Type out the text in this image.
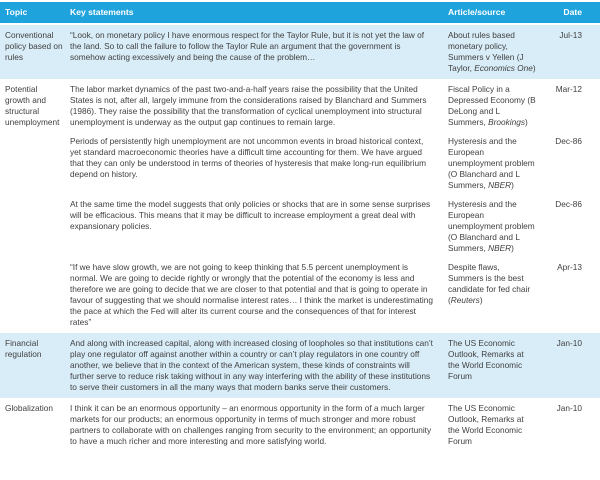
Topic	Key statements	Article/source	Date
Conventional policy based on rules	“Look, on monetary policy I have enormous respect for the Taylor Rule, but it is not yet the law of the land. So to call the failure to follow the Taylor Rule an argument that the government is somehow acting excessively and being the cause of the problem…	About rules based monetary policy, Summers v Yellen (J Taylor, Economics One)	Jul-13
Potential growth and structural unemployment	The labor market dynamics of the past two-and-a-half years raise the possibility that the United States is not, after all, largely immune from the considerations raised by Blanchard and Summers (1986). They raise the possibility that the transformation of cyclical unemployment into structural unemployment is underway as the output gap continues to remain large.	Fiscal Policy in a Depressed Economy (B DeLong and L Summers, Brookings)	Mar-12
	Periods of persistently high unemployment are not uncommon events in broad historical context, yet standard macroeconomic theories have a difficult time accounting for them. We have argued that they can only be understood in terms of theories of hysteresis that make long-run equilibrium depend on history.	Hysteresis and the European unemployment problem (O Blanchard and L Summers, NBER)	Dec-86
	At the same time the model suggests that only policies or shocks that are in some sense surprises will be efficacious. This means that it may be difficult to increase employment a great deal with expansionary policies.	Hysteresis and the European unemployment problem (O Blanchard and L Summers, NBER)	Dec-86
	“If we have slow growth, we are not going to keep thinking that 5.5 percent unemployment is normal. We are going to decide rightly or wrongly that the potential of the economy is less and therefore we are going to decide that we are closer to that potential and that is going to operate in favour of suggesting that we should normalise interest rates… I think the market is underestimating the pace at which the Fed will alter its current course and the consequences of that for interest rates”	Despite flaws, Summers is the best candidate for fed chair (Reuters)	Apr-13
Financial regulation	And along with increased capital, along with increased closing of loopholes so that institutions can’t play one regulator off against another within a country or can’t play regulators in one country off another, we believe that in the context of the American system, these kinds of constraints will further serve to reduce risk taking without in any way interfering with the ability of these institutions to serve their customers in all the many ways that modern banks serve their customers.	The US Economic Outlook, Remarks at the World Economic Forum	Jan-10
Globalization	I think it can be an enormous opportunity – an enormous opportunity in the form of a much larger markets for our products; an enormous opportunity in terms of much stronger and more robust partners to collaborate with on challenges ranging from security to the environment; an opportunity to have a much richer and more interesting and more satisfying world.	The US Economic Outlook, Remarks at the World Economic Forum	Jan-10
